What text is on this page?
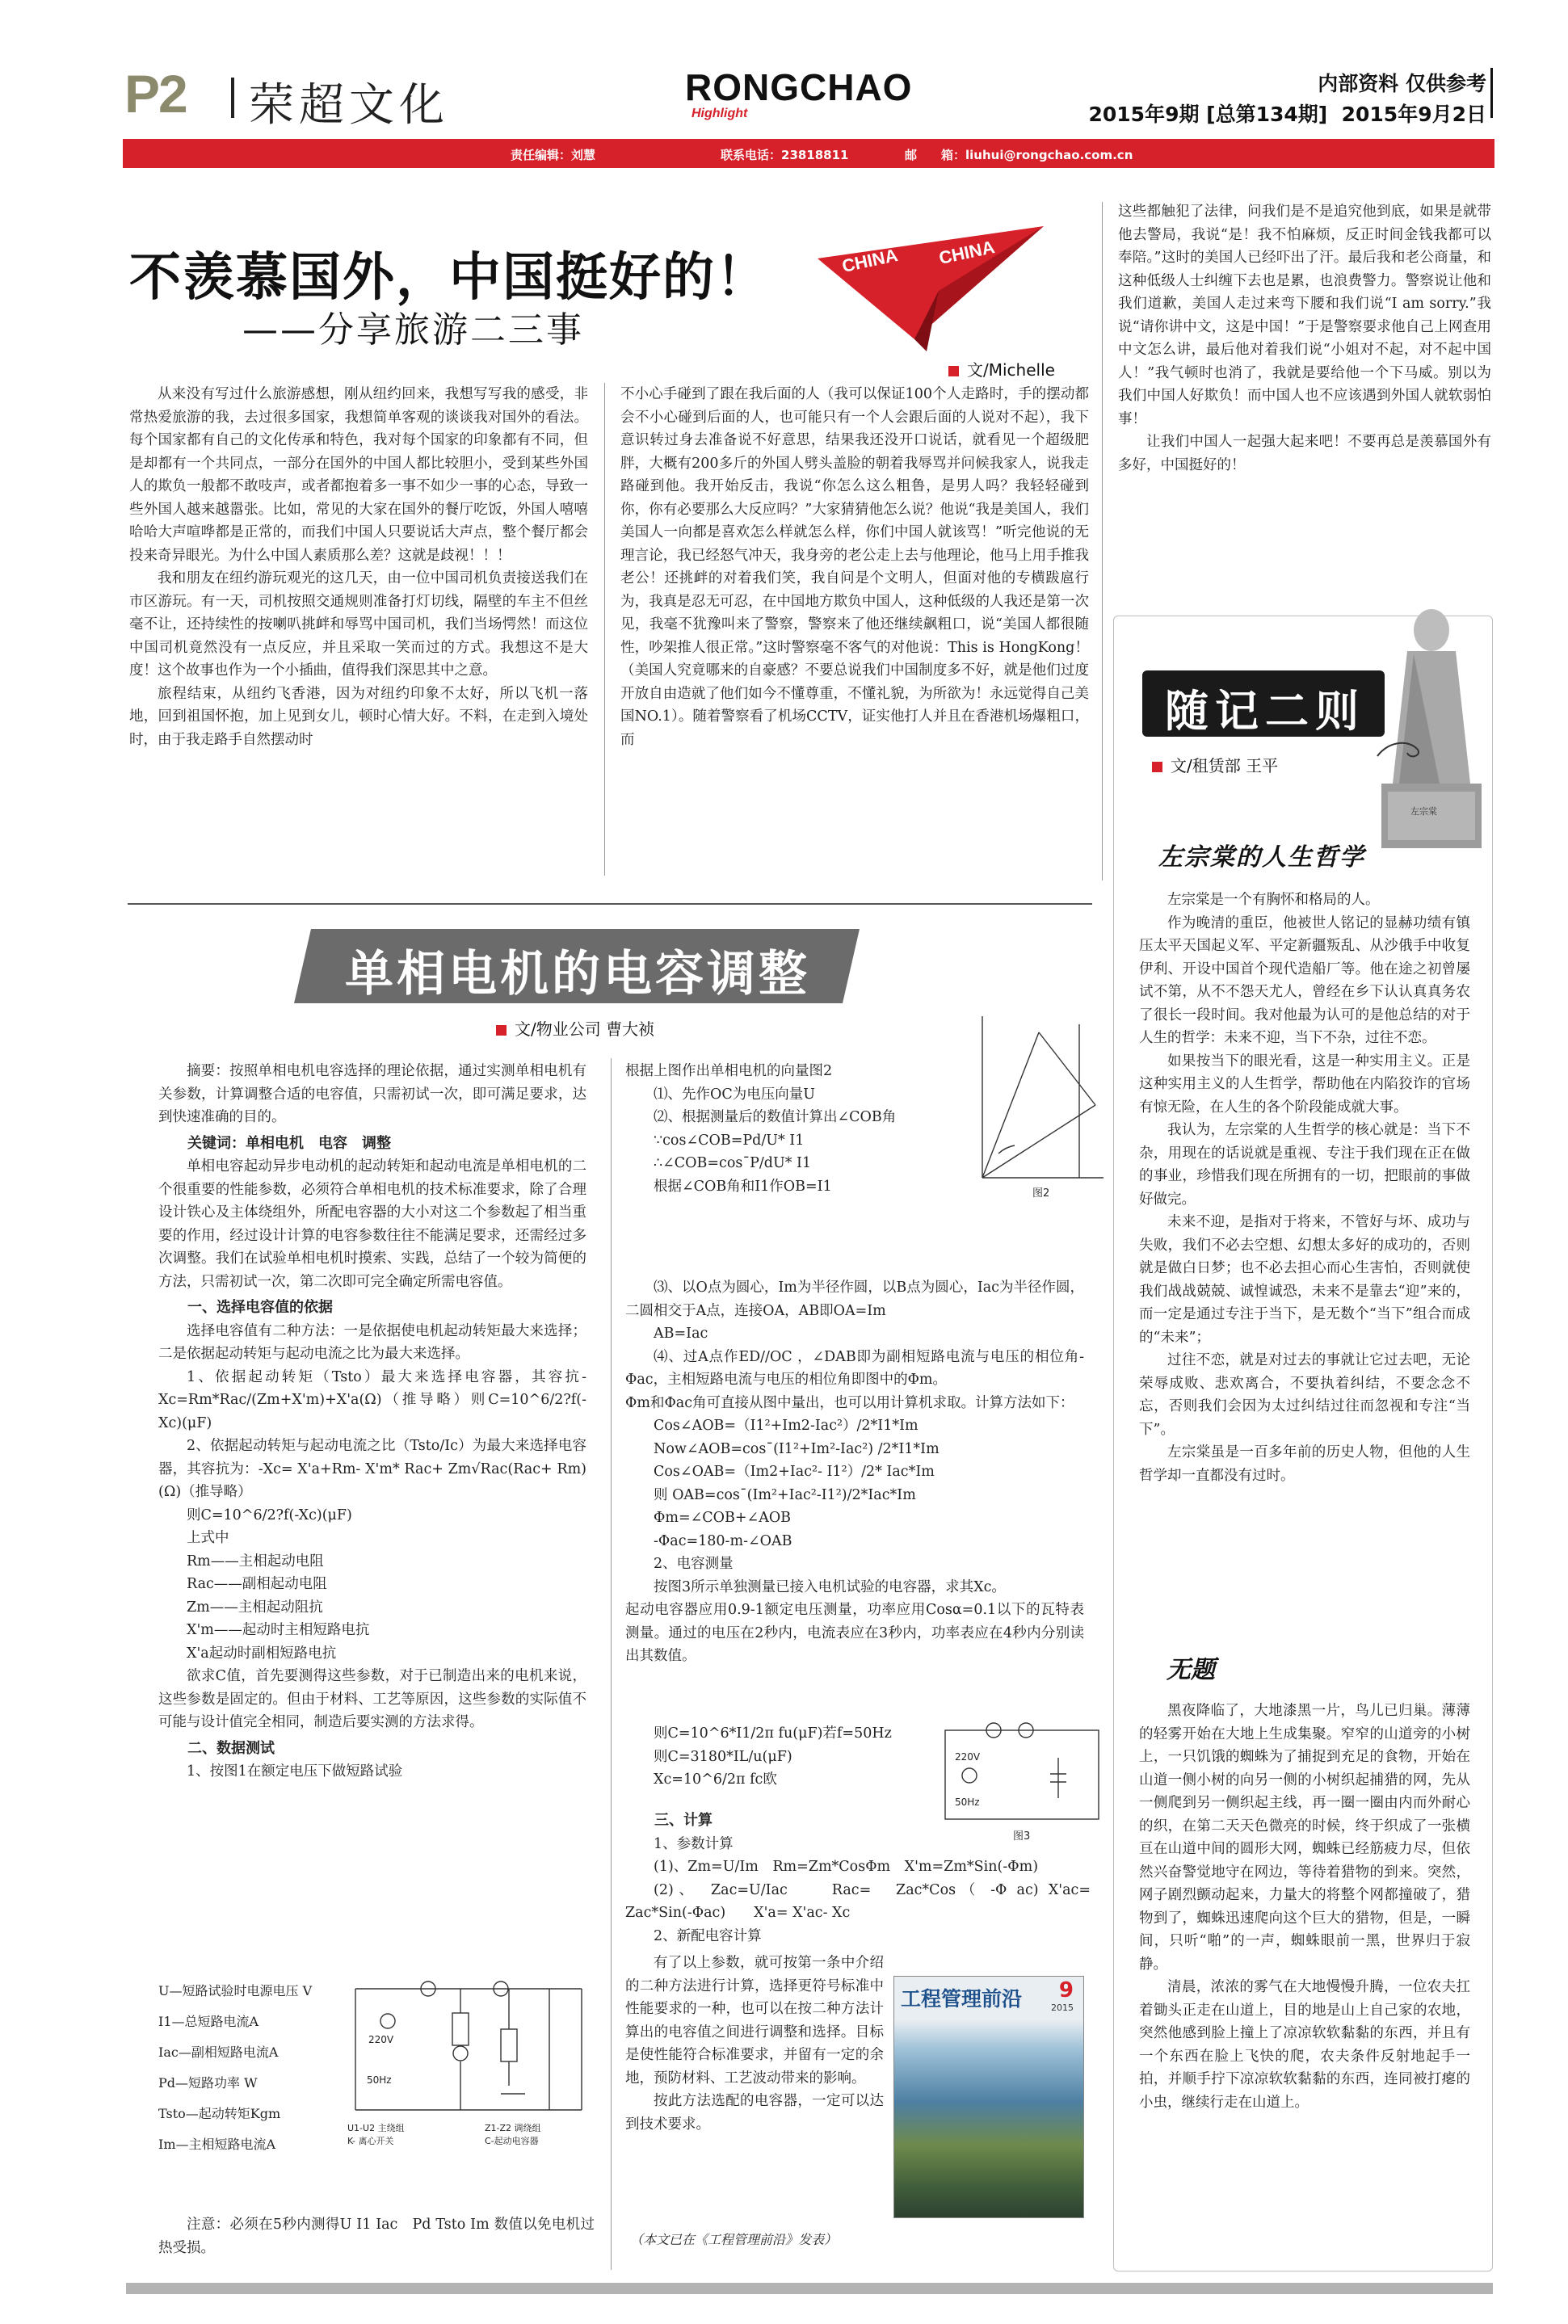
P2 荣超文化	RONGCHAO
Highlight
内部资料 仅供参考
2015年9期 [总第134期]  2015年9月2日
责任编辑：刘慧	联系电话：23818811	邮　　箱：liuhui@rongchao.com.cn
不羡慕国外，中国挺好的！
——分享旅游二三事
CHINA CHINA
文/Michelle

从来没有写过什么旅游感想，刚从纽约回来，我想写写我的感受，非常热爱旅游的我，去过很多国家，我想简单客观的谈谈我对国外的看法。每个国家都有自己的文化传承和特色，我对每个国家的印象都有不同，但是却都有一个共同点，一部分在国外的中国人都比较胆小，受到某些外国人的欺负一般都不敢吱声，或者都抱着多一事不如少一事的心态，导致一些外国人越来越嚣张。比如，常见的大家在国外的餐厅吃饭，外国人嘻嘻哈哈大声喧哗都是正常的，而我们中国人只要说话大声点，整个餐厅都会投来奇异眼光。为什么中国人素质那么差？这就是歧视！！！

我和朋友在纽约游玩观光的这几天，由一位中国司机负责接送我们在市区游玩。有一天，司机按照交通规则准备打灯切线，隔壁的车主不但丝毫不让，还持续性的按喇叭挑衅和辱骂中国司机，我们当场愕然！而这位中国司机竟然没有一点反应，并且采取一笑而过的方式。我想这不是大度！这个故事也作为一个小插曲，值得我们深思其中之意。

旅程结束，从纽约飞香港，因为对纽约印象不太好，所以飞机一落地，回到祖国怀抱，加上见到女儿，顿时心情大好。不料，在走到入境处时，由于我走路手自然摆动时

不小心手碰到了跟在我后面的人（我可以保证100个人走路时，手的摆动都会不小心碰到后面的人，也可能只有一个人会跟后面的人说对不起），我下意识转过身去准备说不好意思，结果我还没开口说话，就看见一个超级肥胖，大概有200多斤的外国人劈头盖脸的朝着我辱骂并问候我家人，说我走路碰到他。我开始反击，我说“你怎么这么粗鲁，是男人吗？我轻轻碰到你，你有必要那么大反应吗？”大家猜猜他怎么说？他说“我是美国人，我们美国人一向都是喜欢怎么样就怎么样，你们中国人就该骂！”听完他说的无理言论，我已经怒气冲天，我身旁的老公走上去与他理论，他马上用手推我老公！还挑衅的对着我们笑，我自问是个文明人，但面对他的专横跋扈行为，我真是忍无可忍，在中国地方欺负中国人，这种低级的人我还是第一次见，我毫不犹豫叫来了警察，警察来了他还继续飙粗口，说“美国人都很随性，吵架推人很正常。”这时警察毫不客气的对他说：This is HongKong！（美国人究竟哪来的自豪感？不要总说我们中国制度多不好，就是他们过度开放自由造就了他们如今不懂尊重，不懂礼貌，为所欲为！永远觉得自己美国NO.1）。随着警察看了机场CCTV，证实他打人并且在香港机场爆粗口，而

这些都触犯了法律，问我们是不是追究他到底，如果是就带他去警局，我说“是！我不怕麻烦，反正时间金钱我都可以奉陪。”这时的美国人已经吓出了汗。最后我和老公商量，和这种低级人士纠缠下去也是累，也浪费警力。警察说让他和我们道歉，美国人走过来弯下腰和我们说“I am sorry.”我说“请你讲中文，这是中国！”于是警察要求他自己上网查用中文怎么讲，最后他对着我们说“小姐对不起，对不起中国人！”我气顿时也消了，我就是要给他一个下马威。别以为我们中国人好欺负！而中国人也不应该遇到外国人就软弱怕事！

让我们中国人一起强大起来吧！不要再总是羡慕国外有多好，中国挺好的！

单相电机的电容调整
文/物业公司 曹大祯

摘要：按照单相电机电容选择的理论依据，通过实测单相电机有关参数，计算调整合适的电容值，只需初试一次，即可满足要求，达到快速准确的目的。

关键词：单相电机　电容　调整

单相电容起动异步电动机的起动转矩和起动电流是单相电机的二个很重要的性能参数，必须符合单相电机的技术标准要求，除了合理设计铁心及主体绕组外，所配电容器的大小对这二个参数起了相当重要的作用，经过设计计算的电容参数往往不能满足要求，还需经过多次调整。我们在试验单相电机时摸索、实践，总结了一个较为简便的方法，只需初试一次，第二次即可完全确定所需电容值。

一、选择电容值的依据

选择电容值有二种方法：一是依据使电机起动转矩最大来选择；二是依据起动转矩与起动电流之比为最大来选择。

1、依据起动转矩（Tsto）最大来选择电容器，其容抗-Xc=Rm*Rac/(Zm+X'm)+X'a(Ω)（推导略）则C=10^6/2?f(-Xc)(μF)

2、依据起动转矩与起动电流之比（Tsto/Ic）为最大来选择电容器，其容抗为：-Xc= X'a+Rm- X'm* Rac+ Zm√Rac(Rac+ Rm) (Ω)（推导略）

则C=10^6/2?f(-Xc)(μF)

上式中

Rm——主相起动电阻

Rac——副相起动电阻

Zm——主相起动阻抗

X'm——起动时主相短路电抗

X'a起动时副相短路电抗

欲求C值，首先要测得这些参数，对于已制造出来的电机来说，这些参数是固定的。但由于材料、工艺等原因，这些参数的实际值不可能与设计值完全相同，制造后要实测的方法求得。

二、数据测试

1、按图1在额定电压下做短路试验

U—短路试验时电源电压 V
I1—总短路电流A
Iac—副相短路电流A
Pd—短路功率 W
Tsto—起动转矩Kgm
Im—主相短路电流A
220V
50Hz
U1-U2 主绕组
K- 离心开关
Z1-Z2 调绕组
C-起动电容器

注意：必须在5秒内测得U I1 Iac　Pd Tsto Im 数值以免电机过热受损。

根据上图作出单相电机的向量图2

⑴、先作OC为电压向量U

⑵、根据测量后的数值计算出∠COB角

∵cos∠COB=Pd/U* I1

∴∠COB=cos¯P/dU* I1

根据∠COB角和I1作OB=I1	图2

⑶、以O点为圆心，Im为半径作圆，以B点为圆心，Iac为半径作圆，二圆相交于A点，连接OA，AB即OA=Im

AB=Iac

⑷、过A点作ED//OC ，∠DAB即为副相短路电流与电压的相位角-Φac，主相短路电流与电压的相位角即图中的Φm。

Φm和Φac角可直接从图中量出，也可以用计算机求取。计算方法如下：

Cos∠AOB=（I1²+Im2-Iac²）/2*I1*Im

Now∠AOB=cos¯(I1²+Im²-Iac²) /2*I1*Im

Cos∠OAB=（Im2+Iac²- I1²）/2* Iac*Im

则 OAB=cos¯(Im²+Iac²-I1²)/2*Iac*Im

Φm=∠COB+∠AOB

-Φac=180-m-∠OAB

2、电容测量

按图3所示单独测量已接入电机试验的电容器，求其Xc。

起动电容器应用0.9-1额定电压测量，功率应用Cosα=0.1以下的瓦特表测量。通过的电压在2秒内，电流表应在3秒内，功率表应在4秒内分别读出其数值。

则C=10^6*I1/2π fu(μF)若f=50Hz

则C=3180*IL/u(μF)

Xc=10^6/2π fc欧

220V
50Hz
图3

三、计算

1、参数计算

(1)、Zm=U/Im　Rm=Zm*CosΦm　X'm=Zm*Sin(-Φm)

(2)、　Zac=U/Iac　　Rac=　Zac*Cos（ -Φ ac) X'ac= Zac*Sin(-Φac)　　X'a= X'ac- Xc

2、新配电容计算

有了以上参数，就可按第一条中介绍的二种方法进行计算，选择更符号标准中性能要求的一种，也可以在按二种方法计算出的电容值之间进行调整和选择。目标是使性能符合标准要求，并留有一定的余地，预防材料、工艺波动带来的影响。

按此方法选配的电容器，一定可以达到技术要求。

工程管理前沿 9
2015
（本文已在《工程管理前沿》发表）
左宗棠
随记二则
文/租赁部 王平
左宗棠的人生哲学

左宗棠是一个有胸怀和格局的人。

作为晚清的重臣，他被世人铭记的显赫功绩有镇压太平天国起义军、平定新疆叛乱、从沙俄手中收复伊利、开设中国首个现代造船厂等。他在途之初曾屡试不第，从不不怨天尤人，曾经在乡下认认真真务农了很长一段时间。我对他最为认可的是他总结的对于人生的哲学：未来不迎，当下不杂，过往不恋。

如果按当下的眼光看，这是一种实用主义。正是这种实用主义的人生哲学，帮助他在内陷狡诈的官场有惊无险，在人生的各个阶段能成就大事。

我认为，左宗棠的人生哲学的核心就是：当下不杂，用现在的话说就是重视、专注于我们现在正在做的事业，珍惜我们现在所拥有的一切，把眼前的事做好做完。

未来不迎，是指对于将来，不管好与坏、成功与失败，我们不必去空想、幻想太多好的成功的，否则就是做白日梦；也不必去担心而心生害怕，否则就使我们战战兢兢、诚惶诚恐，未来不是靠去“迎”来的，而一定是通过专注于当下，是无数个“当下”组合而成的“未来”；

过往不恋，就是对过去的事就让它过去吧，无论荣辱成败、悲欢离合，不要执着纠结，不要念念不忘，否则我们会因为太过纠结过往而忽视和专注“当下”。

左宗棠虽是一百多年前的历史人物，但他的人生哲学却一直都没有过时。

无题

黑夜降临了，大地漆黑一片，鸟儿已归巢。薄薄的轻雾开始在大地上生成集聚。窄窄的山道旁的小树上，一只饥饿的蜘蛛为了捕捉到充足的食物，开始在山道一侧小树的向另一侧的小树织起捕猎的网，先从一侧爬到另一侧织起主线，再一圈一圈由内而外耐心的织，在第二天天色微亮的时候，终于织成了一张横亘在山道中间的圆形大网，蜘蛛已经筋疲力尽，但依然兴奋警觉地守在网边，等待着猎物的到来。突然，网子剧烈颤动起来，力量大的将整个网都撞破了，猎物到了，蜘蛛迅速爬向这个巨大的猎物，但是，一瞬间，只听“啪”的一声，蜘蛛眼前一黑，世界归于寂静。

清晨，浓浓的雾气在大地慢慢升腾，一位农夫扛着锄头正走在山道上，目的地是山上自己家的农地，突然他感到脸上撞上了凉凉软软黏黏的东西，并且有一个东西在脸上飞快的爬，农夫条件反射地起手一拍，并顺手拧下凉凉软软黏黏的东西，连同被打瘪的小虫，继续行走在山道上。
